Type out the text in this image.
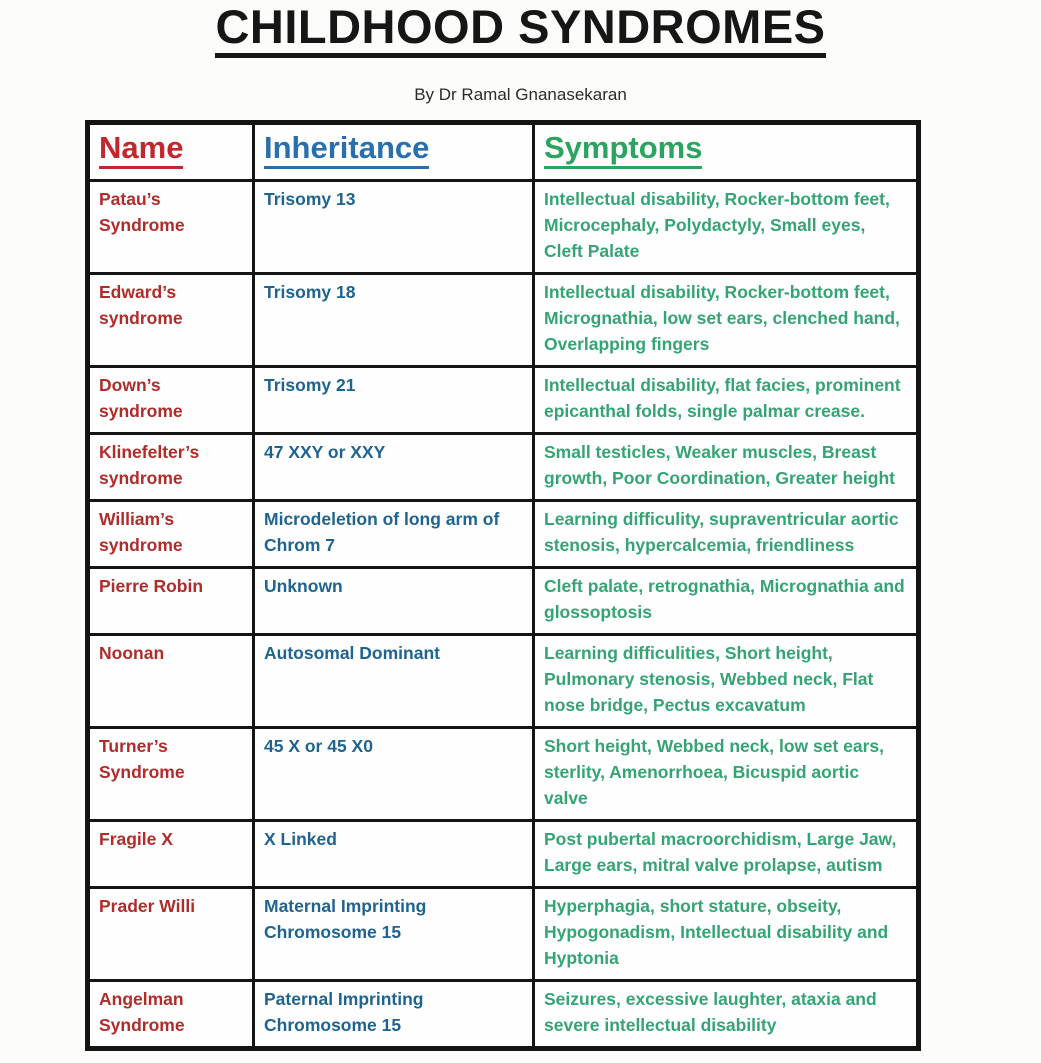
CHILDHOOD SYNDROMES
By Dr Ramal Gnanasekaran
Name	Inheritance	Symptoms
Patau’s Syndrome	Trisomy 13	Intellectual disability, Rocker-bottom feet, Microcephaly, Polydactyly, Small eyes, Cleft Palate
Edward’s syndrome	Trisomy 18	Intellectual disability, Rocker-bottom feet, Micrognathia, low set ears, clenched hand, Overlapping fingers
Down’s syndrome	Trisomy 21	Intellectual disability, flat facies, prominent epicanthal folds, single palmar crease.
Klinefelter’s syndrome	47 XXY or XXY	Small testicles, Weaker muscles, Breast growth, Poor Coordination, Greater height
William’s syndrome	Microdeletion of long arm of Chrom 7	Learning difficulity, supraventricular aortic stenosis, hypercalcemia, friendliness
Pierre Robin	Unknown	Cleft palate, retrognathia, Micrognathia and glossoptosis
Noonan	Autosomal Dominant	Learning difficulities, Short height, Pulmonary stenosis, Webbed neck, Flat nose bridge, Pectus excavatum
Turner’s Syndrome	45 X or 45 X0	Short height, Webbed neck, low set ears, sterlity, Amenorrhoea, Bicuspid aortic valve
Fragile X	X Linked	Post pubertal macroorchidism, Large Jaw, Large ears, mitral valve prolapse, autism
Prader Willi	Maternal Imprinting Chromosome 15	Hyperphagia, short stature, obseity, Hypogonadism, Intellectual disability and Hyptonia
Angelman Syndrome	Paternal Imprinting Chromosome 15	Seizures, excessive laughter, ataxia and severe intellectual disability
